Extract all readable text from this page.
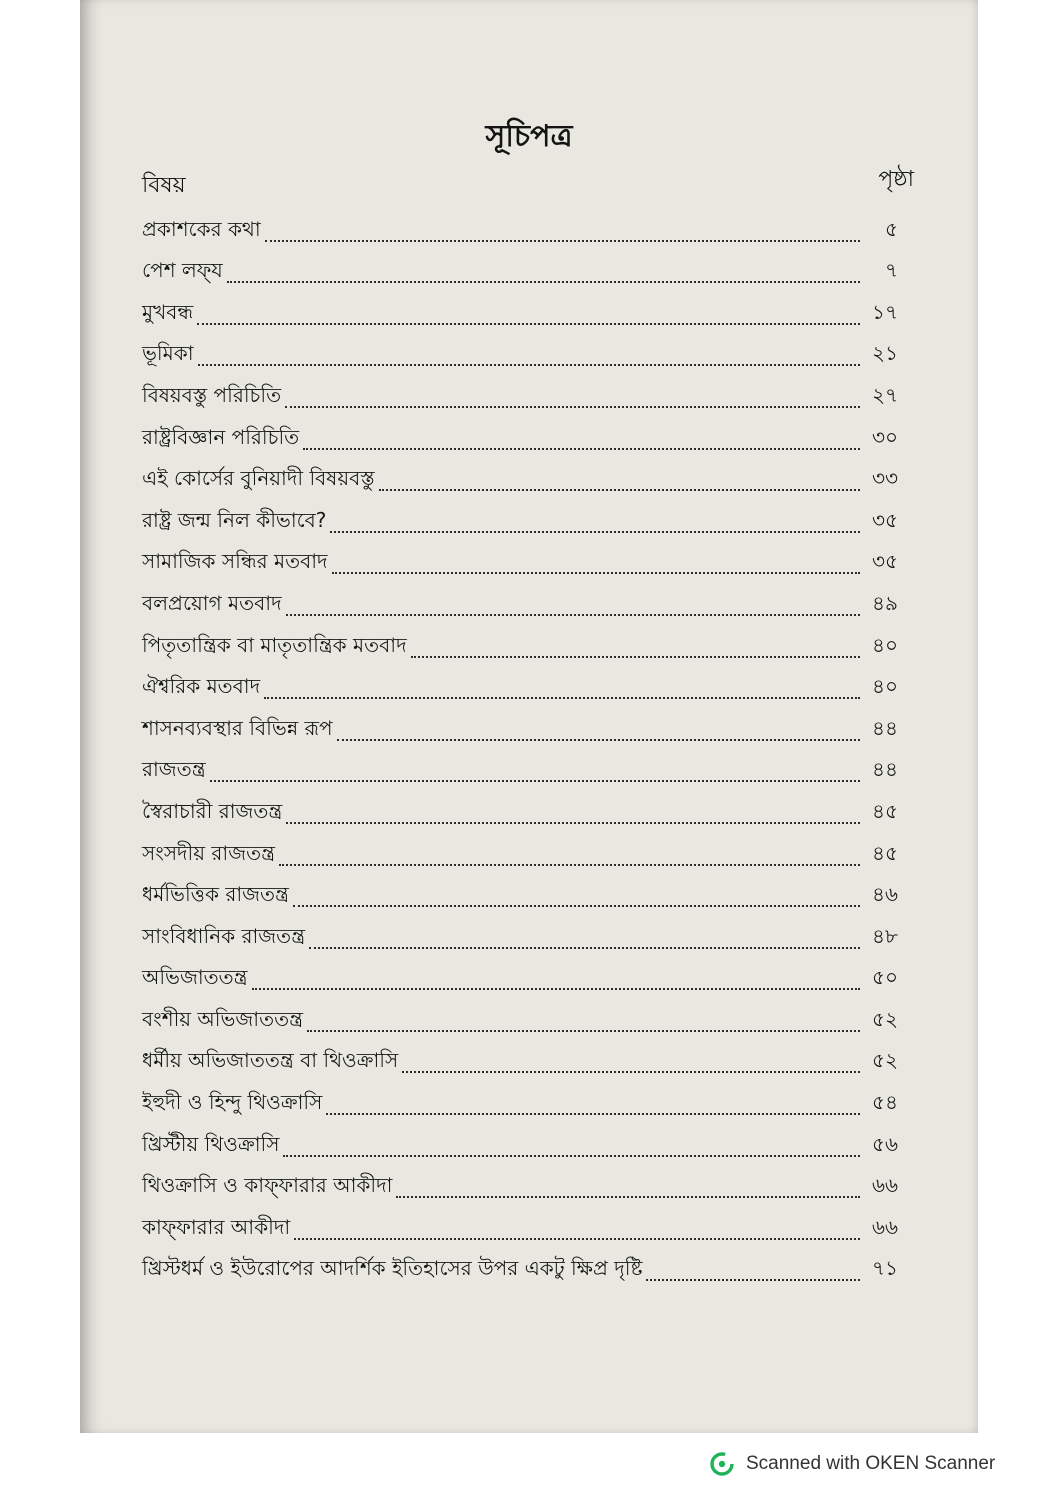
সূচিপত্র
বিষয়	পৃষ্ঠা
প্রকাশকের কথা	৫
পেশ লফ্‌য	৭
মুখবন্ধ	১৭
ভূমিকা	২১
বিষয়বস্তু পরিচিতি	২৭
রাষ্ট্রবিজ্ঞান পরিচিতি	৩০
এই কোর্সের বুনিয়াদী বিষয়বস্তু	৩৩
রাষ্ট্র জন্ম নিল কীভাবে?	৩৫
সামাজিক সন্ধির মতবাদ	৩৫
বলপ্রয়োগ মতবাদ	৪৯
পিতৃতান্ত্রিক বা মাতৃতান্ত্রিক মতবাদ	৪০
ঐশ্বরিক মতবাদ	৪০
শাসনব্যবস্থার বিভিন্ন রূপ	৪৪
রাজতন্ত্র	৪৪
স্বৈরাচারী রাজতন্ত্র	৪৫
সংসদীয় রাজতন্ত্র	৪৫
ধর্মভিত্তিক রাজতন্ত্র	৪৬
সাংবিধানিক রাজতন্ত্র	৪৮
অভিজাততন্ত্র	৫০
বংশীয় অভিজাততন্ত্র	৫২
ধর্মীয় অভিজাততন্ত্র বা থিওক্রাসি	৫২
ইহুদী ও হিন্দু থিওক্রাসি	৫৪
খ্রিস্টীয় থিওক্রাসি	৫৬
থিওক্রাসি ও কাফ্ফারার আকীদা	৬৬
কাফ্ফারার আকীদা	৬৬
খ্রিস্টধর্ম ও ইউরোপের আদর্শিক ইতিহাসের উপর একটু ক্ষিপ্র দৃষ্টি	৭১
Scanned with OKEN Scanner
